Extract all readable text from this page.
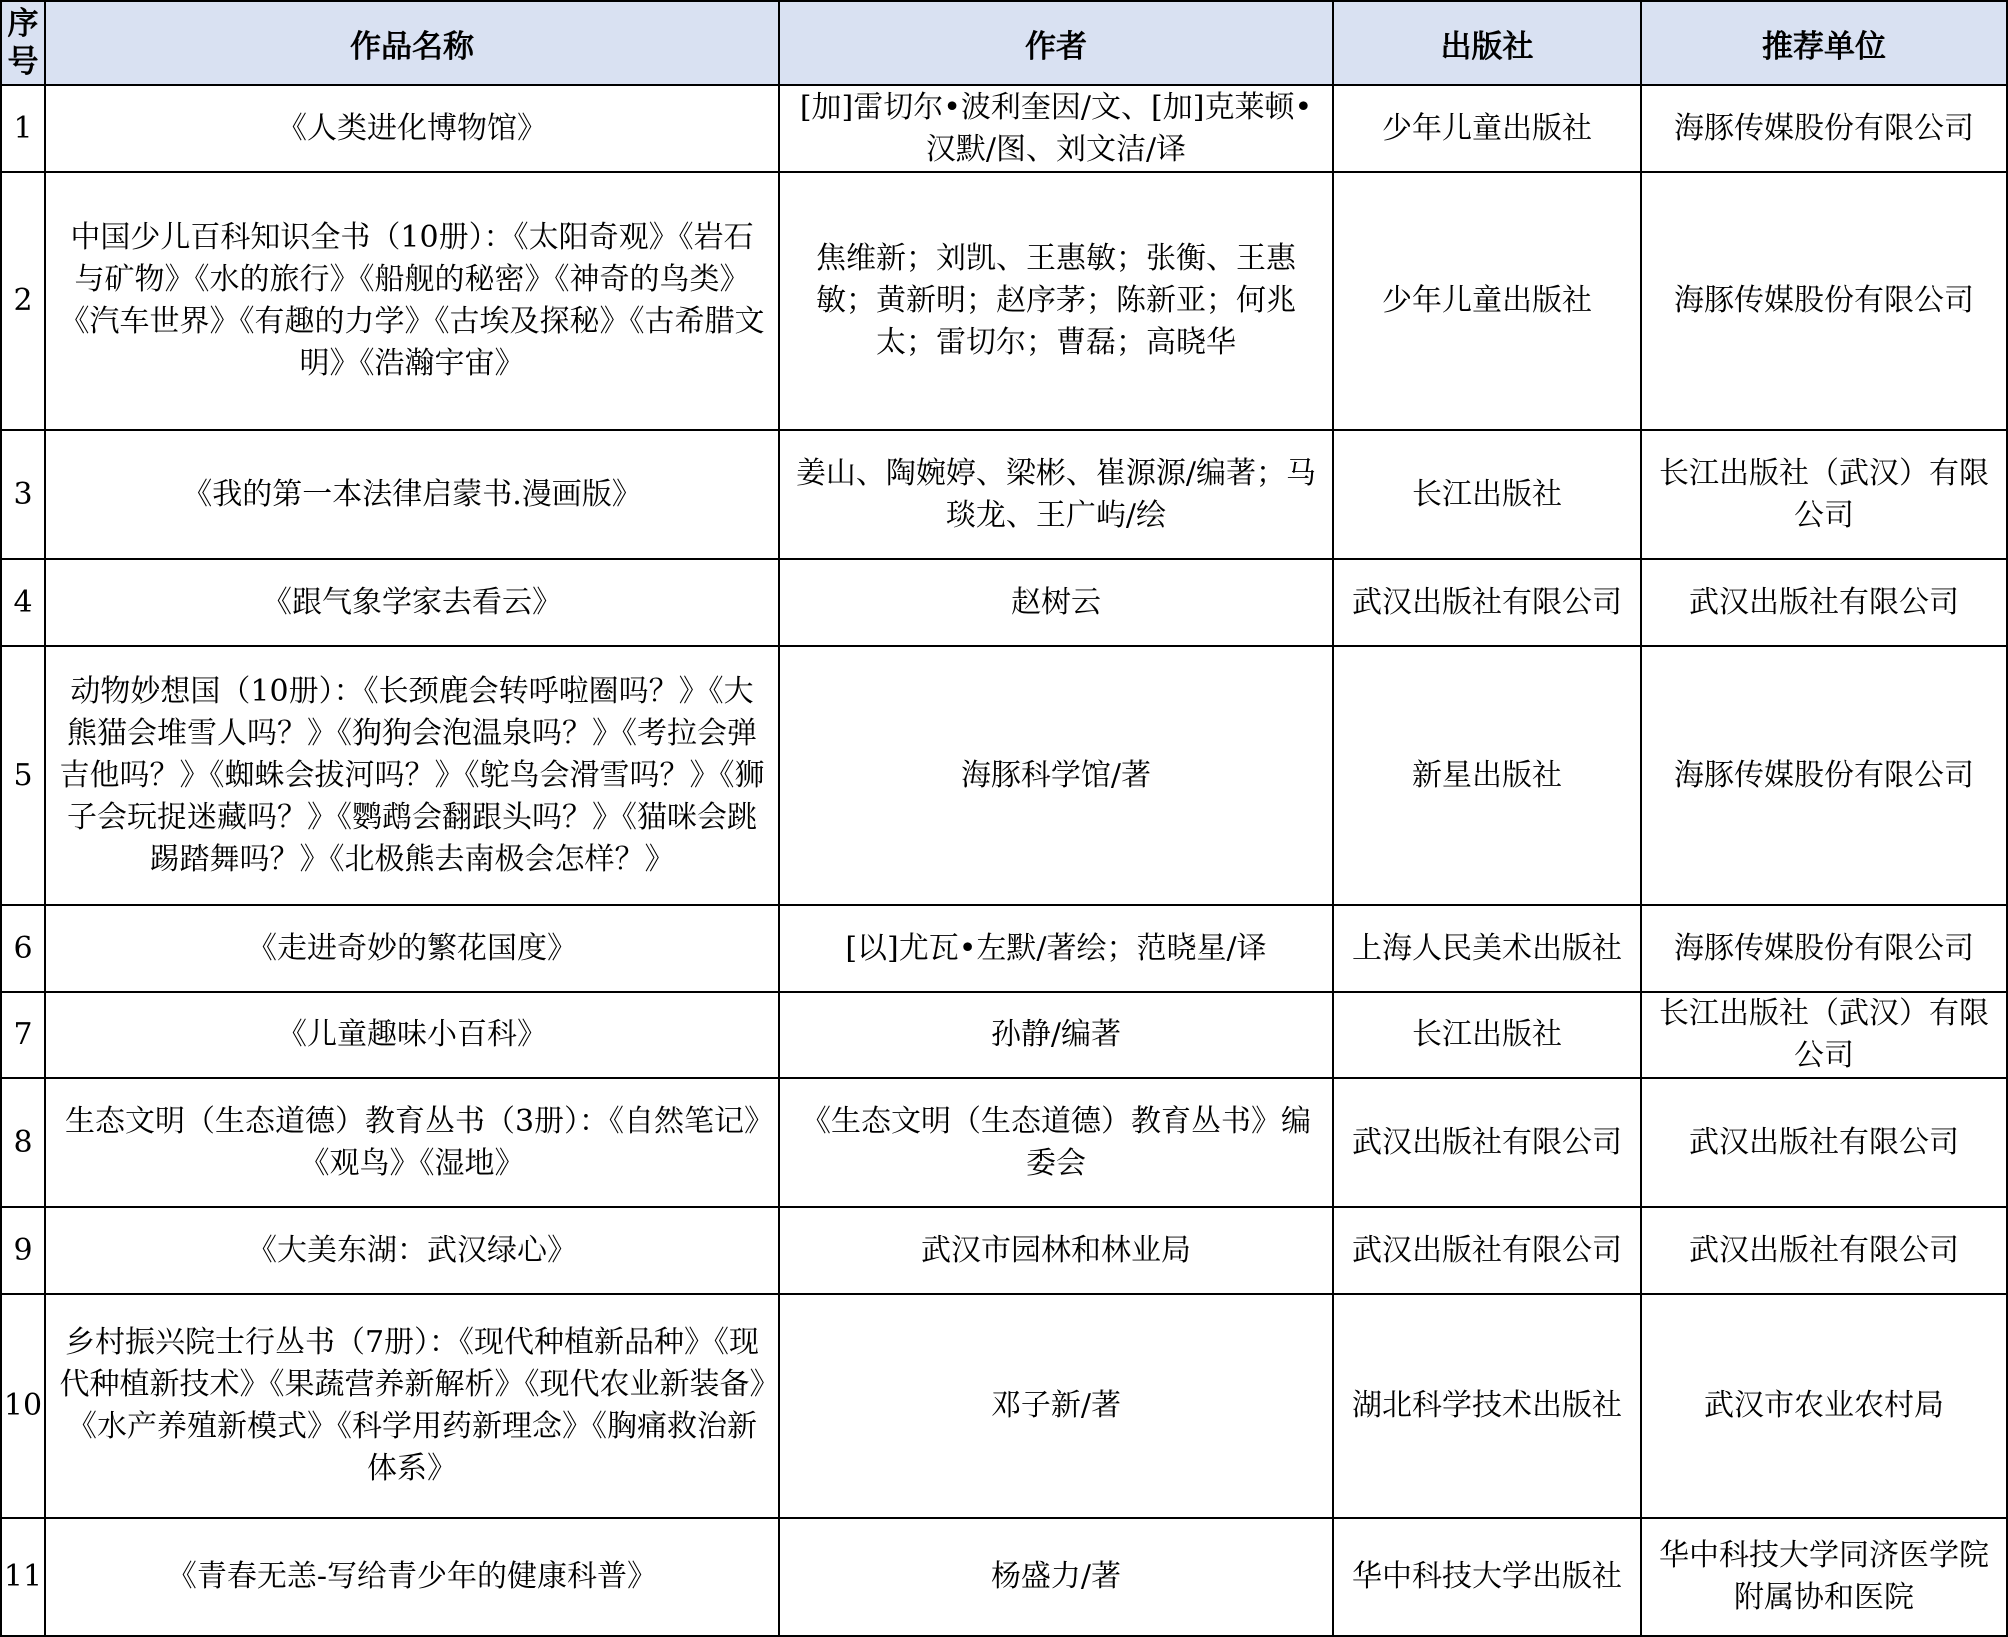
序
号	作品名称	作者	出版社	推荐单位
1	《人类进化博物馆》	[加]雷切尔•波利奎因/文、[加]克莱顿•汉默/图、刘文洁/译	少年儿童出版社	海豚传媒股份有限公司
2	中国少儿百科知识全书（10册）：《太阳奇观》《岩石与矿物》《水的旅行》《船舰的秘密》《神奇的鸟类》《汽车世界》《有趣的力学》《古埃及探秘》《古希腊文明》《浩瀚宇宙》	焦维新；刘凯、王惠敏；张衡、王惠敏；黄新明；赵序茅；陈新亚；何兆太；雷切尔；曹磊；高晓华	少年儿童出版社	海豚传媒股份有限公司
3	《我的第一本法律启蒙书.漫画版》	姜山、陶婉婷、梁彬、崔源源/编著；马琰龙、王广屿/绘	长江出版社	长江出版社（武汉）有限公司
4	《跟气象学家去看云》	赵树云	武汉出版社有限公司	武汉出版社有限公司
5	动物妙想国（10册）：《长颈鹿会转呼啦圈吗？》《大熊猫会堆雪人吗？》《狗狗会泡温泉吗？》《考拉会弹吉他吗？》《蜘蛛会拔河吗？》《鸵鸟会滑雪吗？》《狮子会玩捉迷藏吗？》《鹦鹉会翻跟头吗？》《猫咪会跳踢踏舞吗？》《北极熊去南极会怎样？》	海豚科学馆/著	新星出版社	海豚传媒股份有限公司
6	《走进奇妙的繁花国度》	[以]尤瓦•左默/著绘；范晓星/译	上海人民美术出版社	海豚传媒股份有限公司
7	《儿童趣味小百科》	孙静/编著	长江出版社	长江出版社（武汉）有限公司
8	生态文明（生态道德）教育丛书（3册）：《自然笔记》《观鸟》《湿地》	《生态文明（生态道德）教育丛书》编委会	武汉出版社有限公司	武汉出版社有限公司
9	《大美东湖：武汉绿心》	武汉市园林和林业局	武汉出版社有限公司	武汉出版社有限公司
10	乡村振兴院士行丛书（7册）：《现代种植新品种》《现代种植新技术》《果蔬营养新解析》《现代农业新装备》《水产养殖新模式》《科学用药新理念》《胸痛救治新体系》	邓子新/著	湖北科学技术出版社	武汉市农业农村局
11	《青春无恙-写给青少年的健康科普》	杨盛力/著	华中科技大学出版社	华中科技大学同济医学院附属协和医院
